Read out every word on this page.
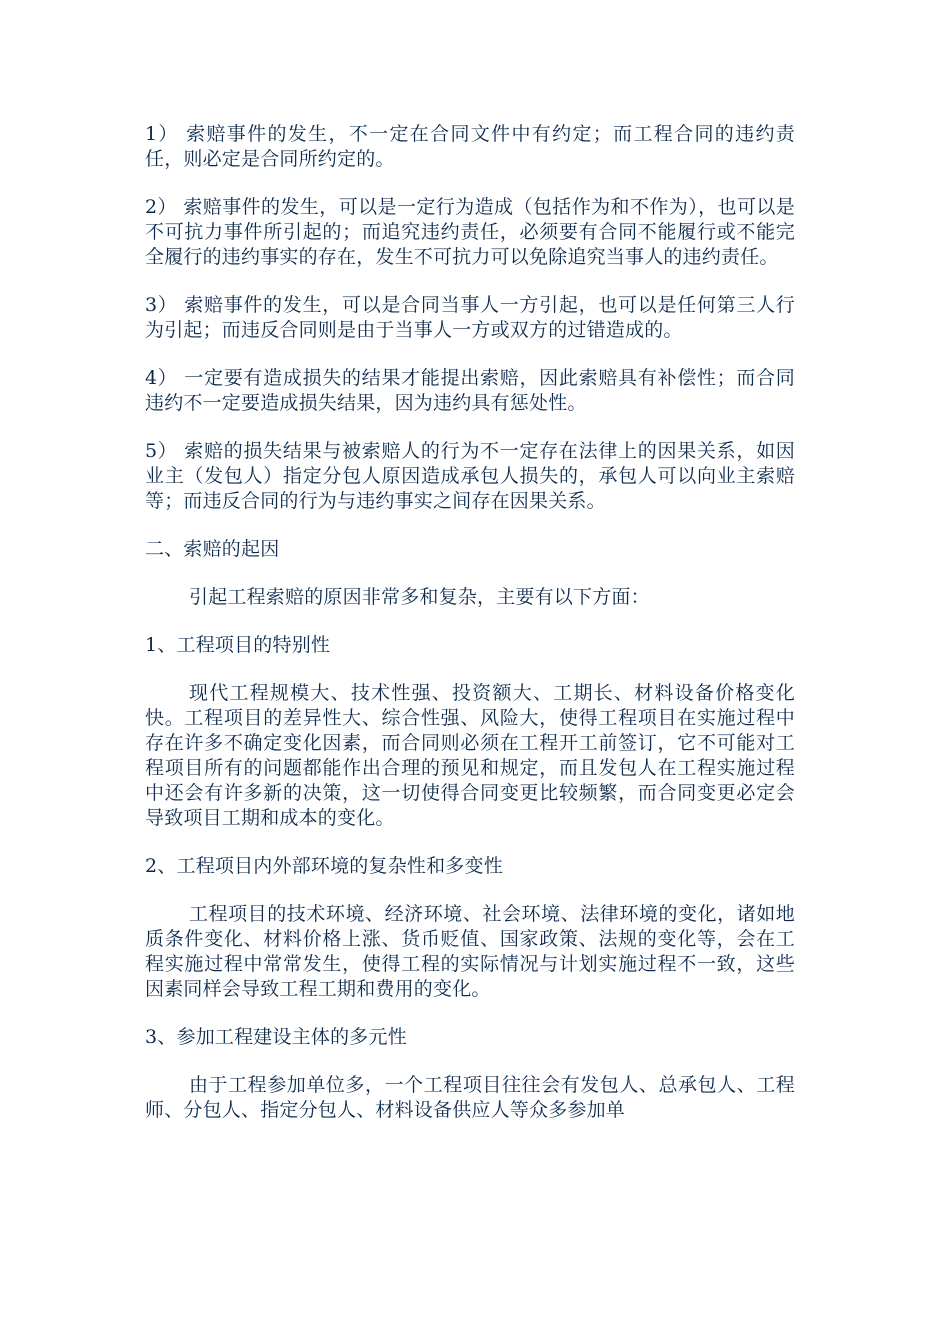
1） 索赔事件的发生，不一定在合同文件中有约定；而工程合同的违约责任，则必定是合同所约定的。

2） 索赔事件的发生，可以是一定行为造成（包括作为和不作为），也可以是不可抗力事件所引起的；而追究违约责任，必须要有合同不能履行或不能完全履行的违约事实的存在，发生不可抗力可以免除追究当事人的违约责任。

3） 索赔事件的发生，可以是合同当事人一方引起，也可以是任何第三人行为引起；而违反合同则是由于当事人一方或双方的过错造成的。

4） 一定要有造成损失的结果才能提出索赔，因此索赔具有补偿性；而合同违约不一定要造成损失结果，因为违约具有惩处性。

5） 索赔的损失结果与被索赔人的行为不一定存在法律上的因果关系，如因业主（发包人）指定分包人原因造成承包人损失的，承包人可以向业主索赔等；而违反合同的行为与违约事实之间存在因果关系。

二、索赔的起因

引起工程索赔的原因非常多和复杂，主要有以下方面：

1、工程项目的特别性

现代工程规模大、技术性强、投资额大、工期长、材料设备价格变化快。工程项目的差异性大、综合性强、风险大，使得工程项目在实施过程中存在许多不确定变化因素，而合同则必须在工程开工前签订，它不可能对工程项目所有的问题都能作出合理的预见和规定，而且发包人在工程实施过程中还会有许多新的决策，这一切使得合同变更比较频繁，而合同变更必定会导致项目工期和成本的变化。

2、工程项目内外部环境的复杂性和多变性

工程项目的技术环境、经济环境、社会环境、法律环境的变化，诸如地质条件变化、材料价格上涨、货币贬值、国家政策、法规的变化等，会在工程实施过程中常常发生，使得工程的实际情况与计划实施过程不一致，这些因素同样会导致工程工期和费用的变化。

3、参加工程建设主体的多元性

由于工程参加单位多，一个工程项目往往会有发包人、总承包人、工程师、分包人、指定分包人、材料设备供应人等众多参加单
